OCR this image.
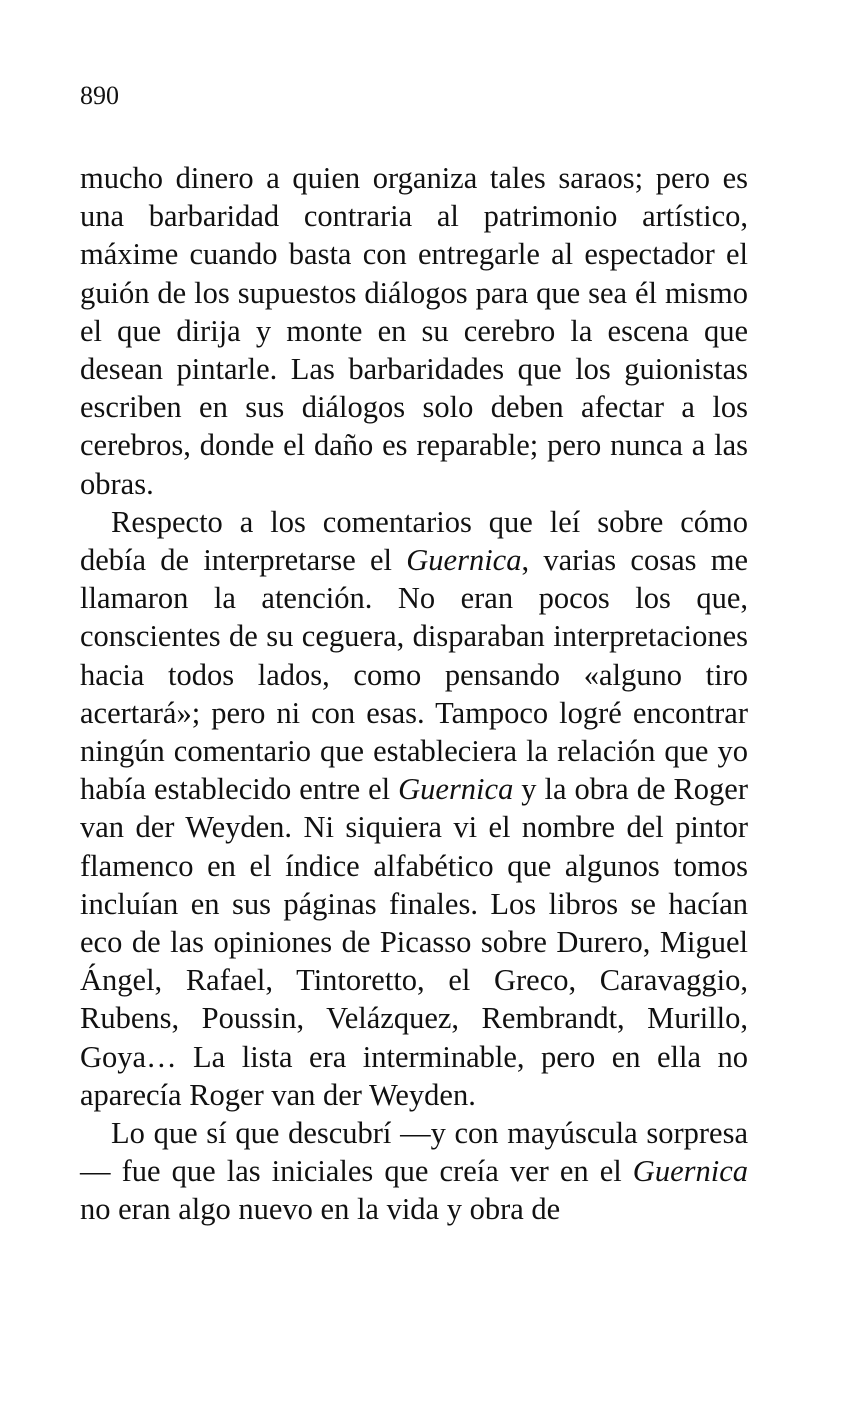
890

mucho dinero a quien organiza tales saraos; pero es una barbaridad contraria al patrimonio artístico, máxime cuando basta con entregarle al espectador el guión de los supuestos diálogos para que sea él mismo el que dirija y monte en su cerebro la escena que desean pintarle. Las barbaridades que los guionistas escriben en sus diálogos solo deben afectar a los cerebros, donde el daño es reparable; pero nunca a las obras.

Respecto a los comentarios que leí sobre cómo debía de interpretarse el Guernica, varias cosas me llamaron la atención. No eran pocos los que, conscientes de su ceguera, disparaban interpretaciones hacia todos lados, como pensando «alguno tiro acertará»; pero ni con esas. Tampoco logré encontrar ningún comentario que estableciera la relación que yo había establecido entre el Guernica y la obra de Roger van der Weyden. Ni siquiera vi el nombre del pintor flamenco en el índice alfabético que algunos tomos incluían en sus páginas finales. Los libros se hacían eco de las opiniones de Picasso sobre Durero, Miguel Ángel, Rafael, Tintoretto, el Greco, Caravaggio, Rubens, Poussin, Velázquez, Rembrandt, Murillo, Goya… La lista era interminable, pero en ella no aparecía Roger van der Weyden.

Lo que sí que descubrí —y con mayúscula sorpresa— fue que las iniciales que creía ver en el Guernica no eran algo nuevo en la vida y obra de
